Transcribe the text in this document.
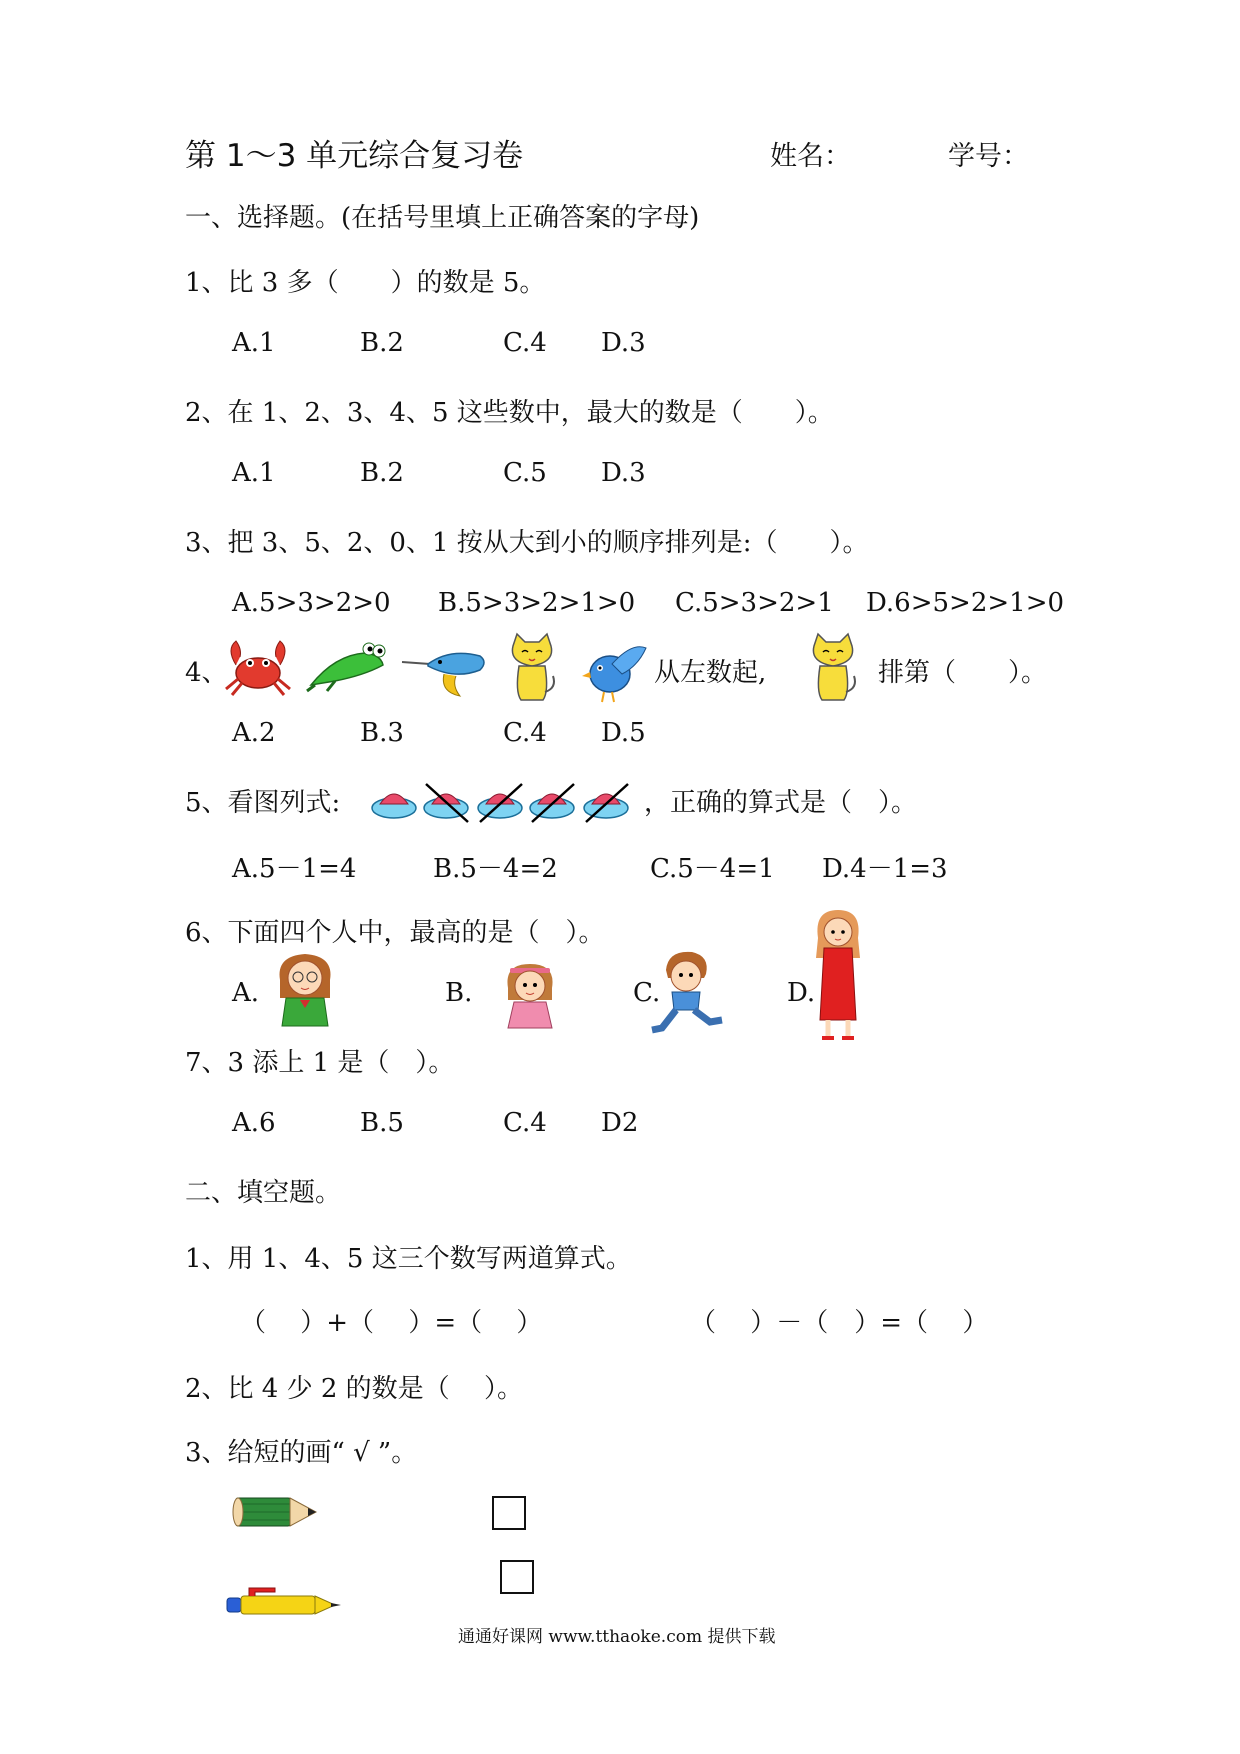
第 1～3 单元综合复习卷	姓名：	学号：
一、选择题。(在括号里填上正确答案的字母)
1、比 3 多（　　）的数是 5。
A.1	B.2	C.4 D.3
2、在 1、2、3、4、5 这些数中，最大的数是（　　）。
A.1	B.2	C.5 D.3
3、把 3、5、2、0、1 按从大到小的顺序排列是:（　　）。
A.5>3>2>0 B.5>3>2>1>0 C.5>3>2>1 D.6>5>2>1>0
4、	从左数起,	排第（　　）。
A.2	B.3	C.4 D.5
5、看图列式:	，正确的算式是（　）。
A.5－1=4	B.5－4=2	C.5－4=1 D.4－1=3
6、下面四个人中，最高的是（　）。
A.	B.	C.	D.
7、3 添上 1 是（　）。
A.6	B.5	C.4 D2
二、填空题。
1、用 1、4、5 这三个数写两道算式。
（　 ）+（　 ）=（　 ）	（　 ）－（　）=（　 ）
2、比 4 少 2 的数是（　 ）。
3、给短的画“ √ ”。
通通好课网 www.tthaoke.com 提供下载
